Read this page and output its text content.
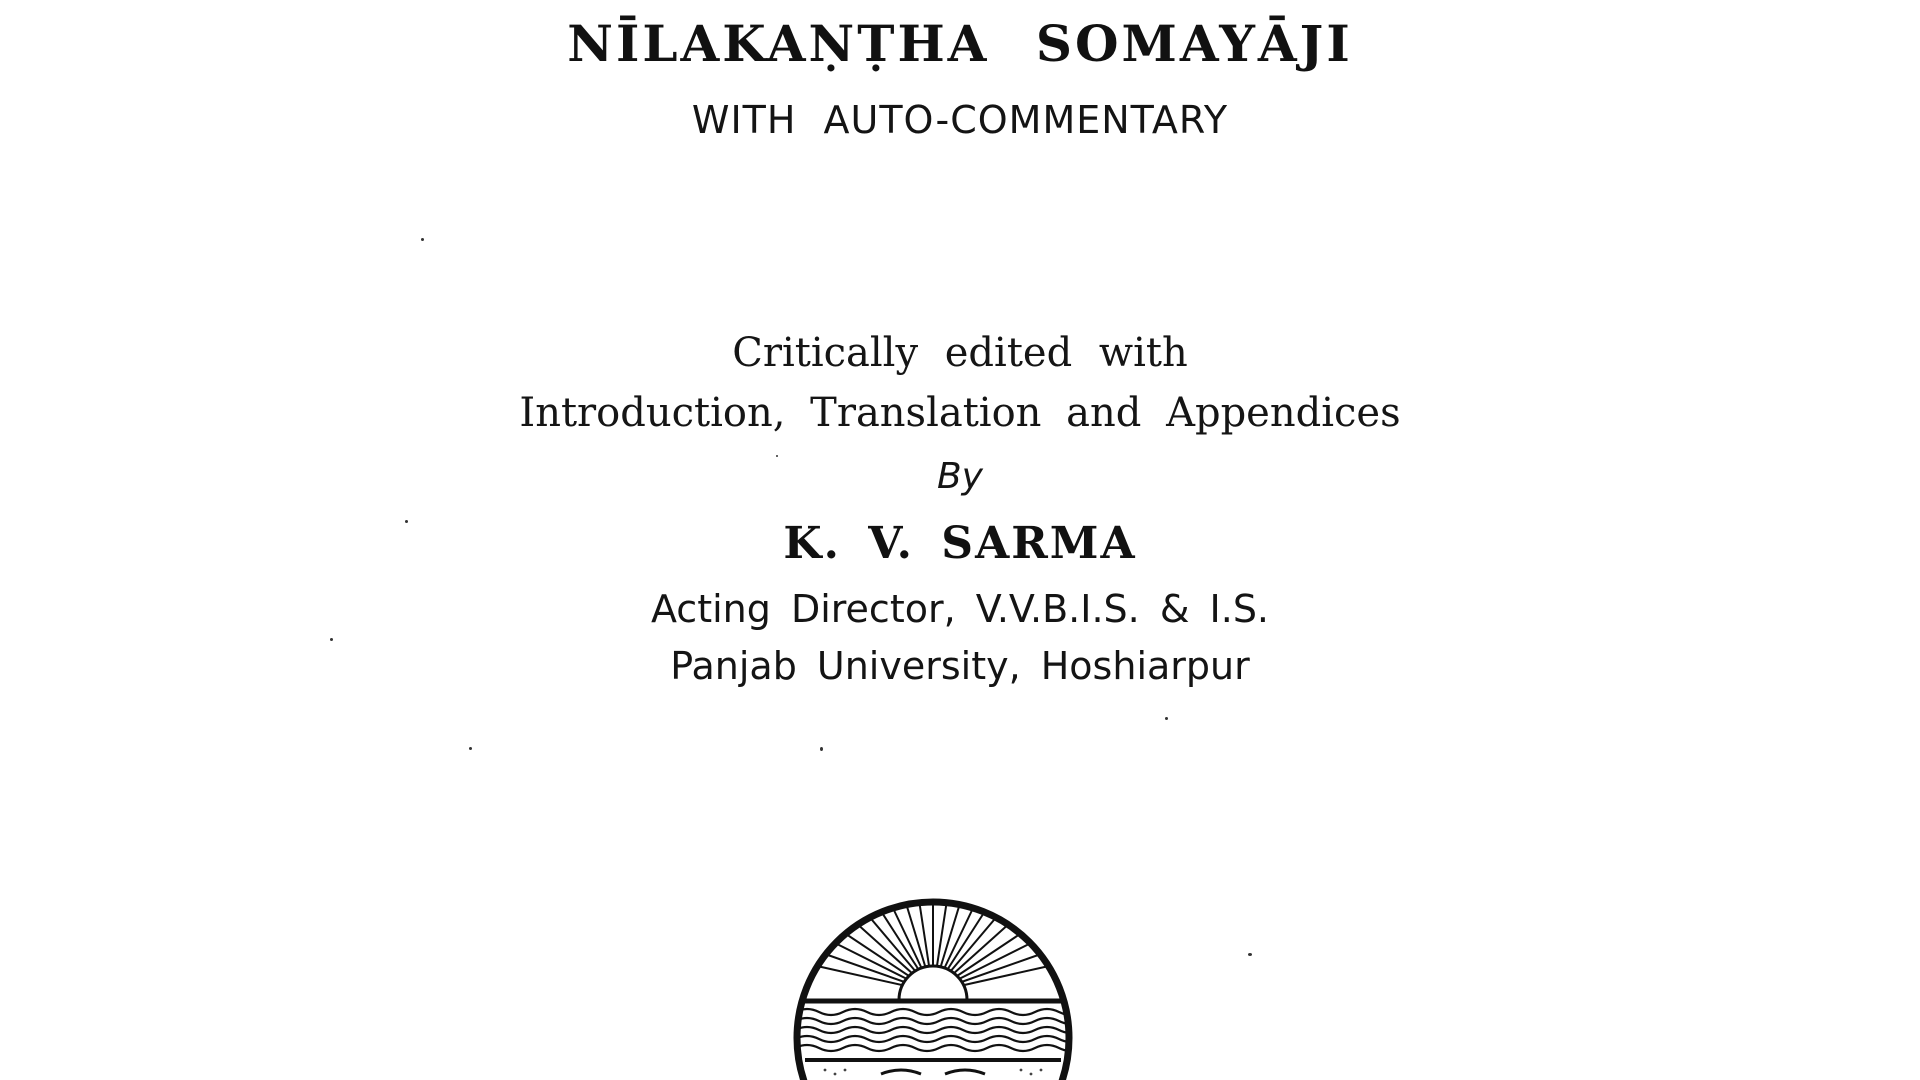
NĪLAKAṆṬHA SOMAYĀJI
WITH AUTO-COMMENTARY
Critically edited with
Introduction, Translation and Appendices
By
K. V. SARMA
Acting Director, V.V.B.I.S. & I.S.
Panjab University, Hoshiarpur
